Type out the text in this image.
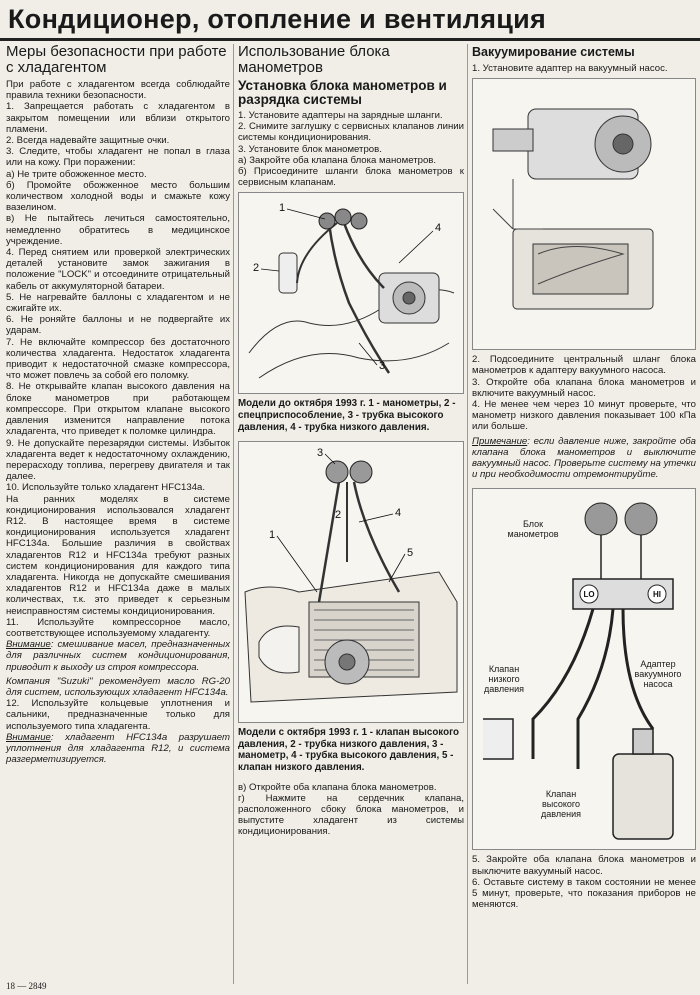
Кондиционер, отопление и вентиляция
Меры безопасности при работе с хладагентом

При работе с хладагентом всегда соблюдайте правила техники безопасности.

1. Запрещается работать с хладагентом в закрытом помещении или вблизи открытого пламени.

2. Всегда надевайте защитные очки.

3. Следите, чтобы хладагент не попал в глаза или на кожу. При поражении:

а) Не трите обожженное место.

б) Промойте обожженное место большим количеством холодной воды и смажьте кожу вазелином.

в) Не пытайтесь лечиться самостоятельно, немедленно обратитесь в медицинское учреждение.

4. Перед снятием или проверкой электрических деталей установите замок зажигания в положение "LOCK" и отсоедините отрицательный кабель от аккумуляторной батареи.

5. Не нагревайте баллоны с хладагентом и не сжигайте их.

6. Не роняйте баллоны и не подвергайте их ударам.

7. Не включайте компрессор без достаточного количества хладагента. Недостаток хладагента приводит к недостаточной смазке компрессора, что может повлечь за собой его поломку.

8. Не открывайте клапан высокого давления на блоке манометров при работающем компрессоре. При открытом клапане высокого давления изменится направление потока хладагента, что приведет к поломке цилиндра.

9. Не допускайте перезарядки системы. Избыток хладагента ведет к недостаточному охлаждению, перерасходу топлива, перегреву двигателя и так далее.

10. Используйте только хладагент HFC134a.

На ранних моделях в системе кондиционирования использовался хладагент R12. В настоящее время в системе кондиционирования используется хладагент HFC134a. Большие различия в свойствах хладагентов R12 и HFC134a требуют разных систем кондиционирования для каждого типа хладагента. Никогда не допускайте смешивания хладагентов R12 и HFC134a даже в малых количествах, т.к. это приведет к серьезным неисправностям системы кондиционирования.

11. Используйте компрессорное масло, соответствующее используемому хладагенту.

Внимание: смешивание масел, предназначенных для различных систем кондиционирования, приводит к выходу из строя компрессора.

Компания "Suzuki" рекомендует масло RG-20 для систем, использующих хладагент HFC134a.

12. Используйте кольцевые уплотнения и сальники, предназначенные только для используемого типа хладагента.

Внимание: хладагент HFC134a разрушает уплотнения для хладагента R12, и система разгерметизируется.

Использование блока манометров
Установка блока манометров и разрядка системы

1. Установите адаптеры на зарядные шланги.

2. Снимите заглушку с сервисных клапанов линии системы кондиционирования.

3. Установите блок манометров.

а) Закройте оба клапана блока манометров.

б) Присоедините шланги блока манометров к сервисным клапанам.

1
2
3
4
Модели до октября 1993 г. 1 - манометры, 2 - спецприспособление, 3 - трубка высокого давления, 4 - трубка низкого давления.
3
2	4
1
5
Модели с октября 1993 г. 1 - клапан высокого давления, 2 - трубка низкого давления, 3 - манометр, 4 - трубка высокого давления, 5 - клапан низкого давления.

в) Откройте оба клапана блока манометров.

г) Нажмите на сердечник клапана, расположенного сбоку блока манометров, и выпустите хладагент из системы кондиционирования.

Вакуумирование системы

1. Установите адаптер на вакуумный насос.

2. Подсоедините центральный шланг блока манометров к адаптеру вакуумного насоса.

3. Откройте оба клапана блока манометров и включите вакуумный насос.

4. Не менее чем через 10 минут проверьте, что манометр низкого давления показывает 100 кПа или больше.

Примечание: если давление ниже, закройте оба клапана блока манометров и выключите вакуумный насос. Проверьте систему на утечки и при необходимости отремонтируйте.

LO	HI
Блок манометров
Адаптер вакуумного насоса
Клапан низкого давления
Клапан высокого давления

5. Закройте оба клапана блока манометров и выключите вакуумный насос.

6. Оставьте систему в таком состоянии не менее 5 минут, проверьте, что показания приборов не меняются.

18 — 2849
